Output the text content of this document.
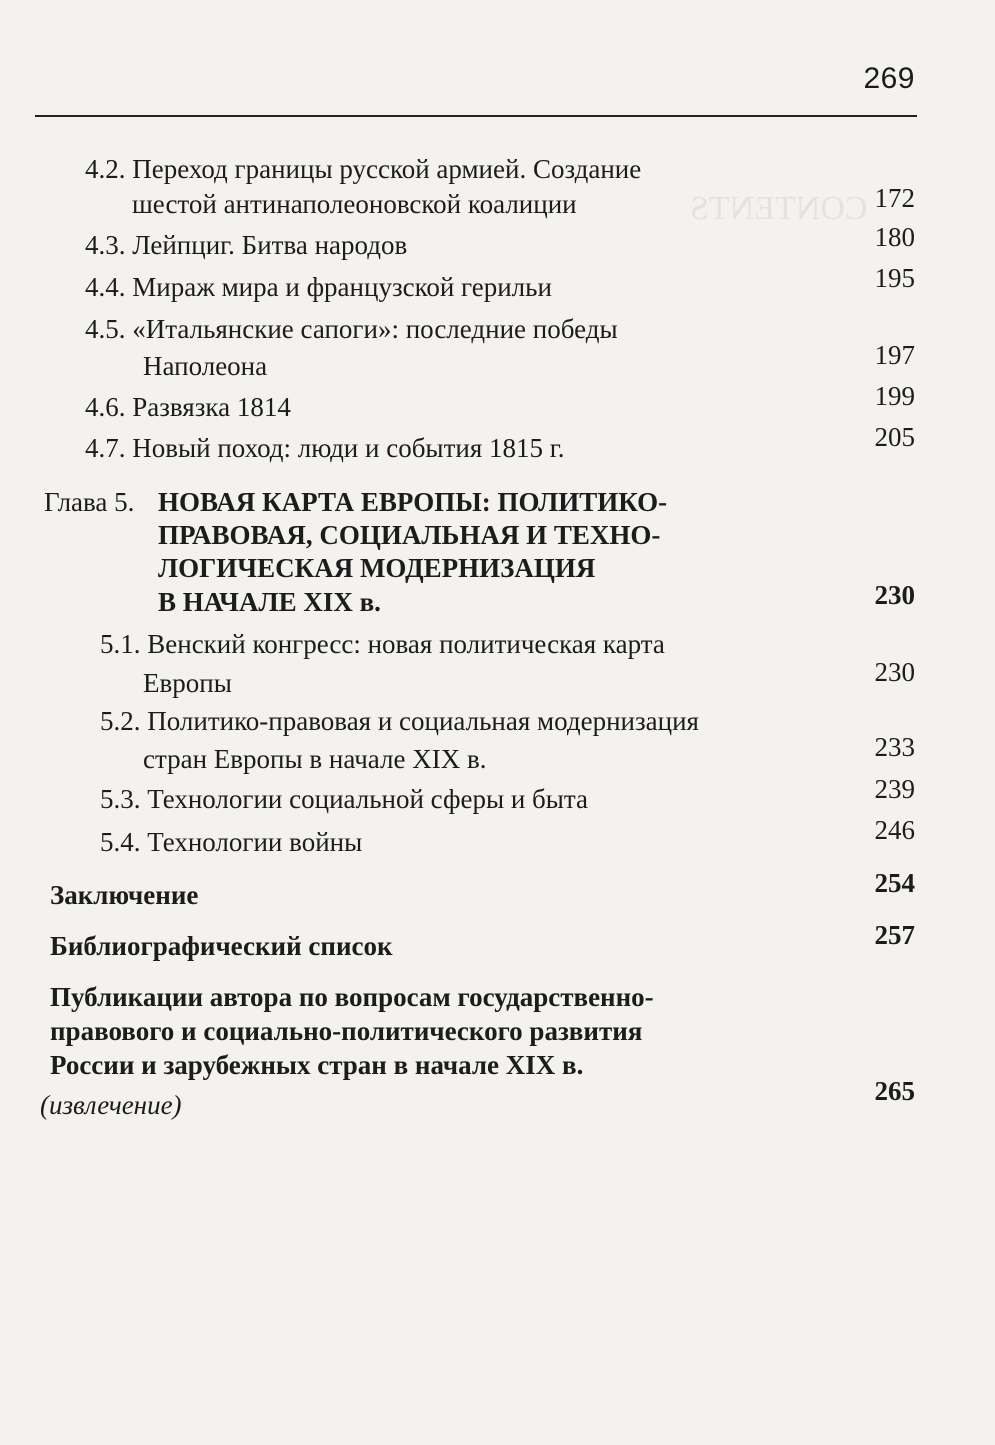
CONTENTS
269
4.2. Переход границы русской армией. Создание
шестой антинаполеоновской коалиции	172
4.3. Лейпциг. Битва народов	180
4.4. Мираж мира и французской герильи	195
4.5. «Итальянские сапоги»: последние победы
Наполеона	197
4.6. Развязка 1814	199
4.7. Новый поход: люди и события 1815 г.	205
Глава 5. НОВАЯ КАРТА ЕВРОПЫ: ПОЛИТИКО-
ПРАВОВАЯ, СОЦИАЛЬНАЯ И ТЕХНО-
ЛОГИЧЕСКАЯ МОДЕРНИЗАЦИЯ
В НАЧАЛЕ XIX в.	230
5.1. Венский конгресс: новая политическая карта
Европы	230
5.2. Политико-правовая и социальная модернизация
стран Европы в начале XIX в.	233
5.3. Технологии социальной сферы и быта	239
5.4. Технологии войны	246
Заключение	254
Библиографический список	257
Публикации автора по вопросам государственно-
правового и социально-политического развития
России и зарубежных стран в начале XIX в.
(извлечение)	265
